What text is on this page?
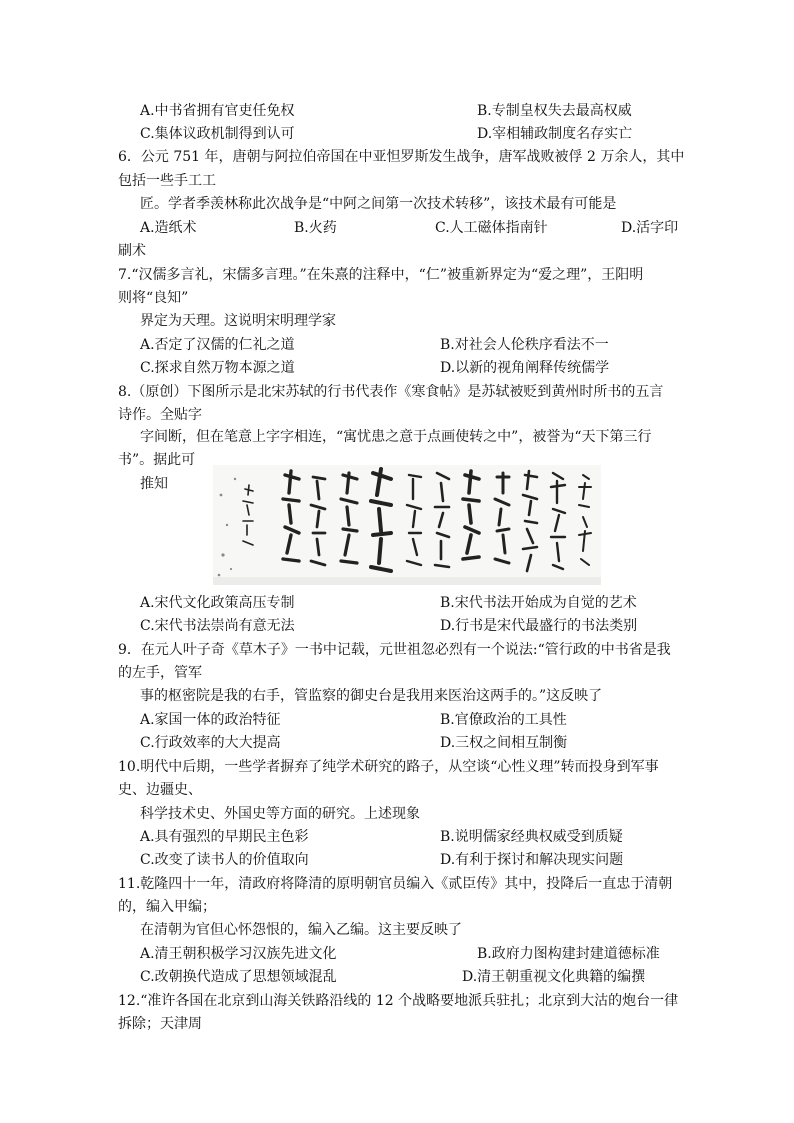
A.中书省拥有官吏任免权	B.专制皇权失去最高权威
C.集体议政机制得到认可	D.宰相辅政制度名存实亡
6．公元 751 年，唐朝与阿拉伯帝国在中亚怛罗斯发生战争，唐军战败被俘 2 万余人，其中
包括一些手工工
匠。学者季羡林称此次战争是“中阿之间第一次技术转移”，该技术最有可能是
A.造纸术	B.火药	C.人工磁体指南针	D.活字印
刷术
7.“汉儒多言礼，宋儒多言理。”在朱熹的注释中，“仁”被重新界定为“爱之理”，王阳明
则将“良知”
界定为天理。这说明宋明理学家
A.否定了汉儒的仁礼之道	B.对社会人伦秩序看法不一
C.探求自然万物本源之道	D.以新的视角阐释传统儒学
8.（原创）下图所示是北宋苏轼的行书代表作《寒食帖》是苏轼被贬到黄州时所书的五言
诗作。全贴字
字间断，但在笔意上字字相连，“寓忧患之意于点画使转之中”，被誉为“天下第三行
书”。据此可
推知
A.宋代文化政策高压专制	B.宋代书法开始成为自觉的艺术
C.宋代书法崇尚有意无法	D.行书是宋代最盛行的书法类别
9．在元人叶子奇《草木子》一书中记载，元世祖忽必烈有一个说法:“管行政的中书省是我
的左手，管军
事的枢密院是我的右手，管监察的御史台是我用来医治这两手的。”这反映了
A.家国一体的政治特征	B.官僚政治的工具性
C.行政效率的大大提高	D.三权之间相互制衡
10.明代中后期，一些学者摒弃了纯学术研究的路子，从空谈“心性义理”转而投身到军事
史、边疆史、
科学技术史、外国史等方面的研究。上述现象
A.具有强烈的早期民主色彩	B.说明儒家经典权威受到质疑
C.改变了读书人的价值取向	D.有利于探讨和解决现实问题
11.乾隆四十一年，清政府将降清的原明朝官员编入《贰臣传》其中，投降后一直忠于清朝
的，编入甲编；
在清朝为官但心怀怨恨的，编入乙编。这主要反映了
A.清王朝积极学习汉族先进文化	B.政府力图构建封建道德标准
C.改朝换代造成了思想领域混乱	D.清王朝重视文化典籍的编撰
12.“准许各国在北京到山海关铁路沿线的 12 个战略要地派兵驻扎；北京到大沽的炮台一律
拆除；天津周
